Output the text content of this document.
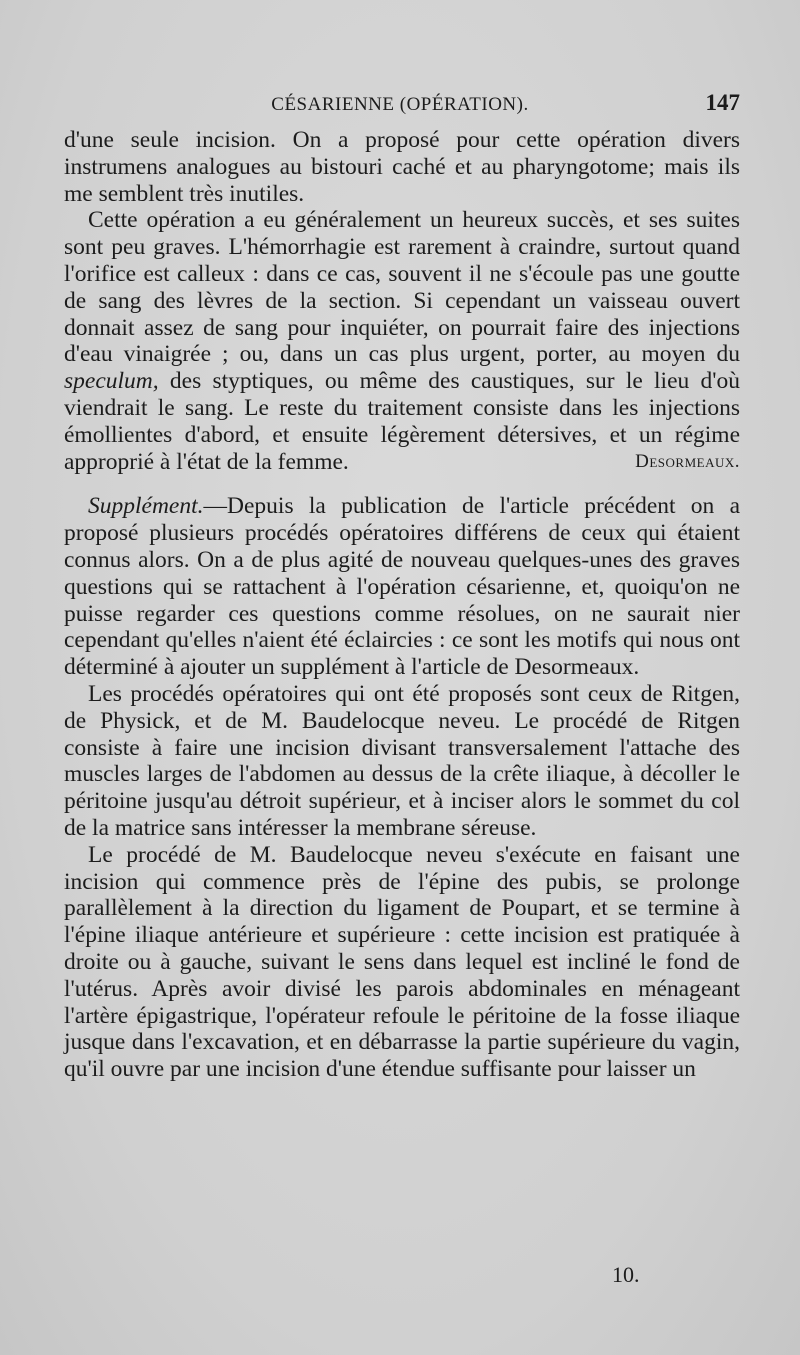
CÉSARIENNE (OPÉRATION).	147

d'une seule incision. On a proposé pour cette opération divers instrumens analogues au bistouri caché et au pharyngotome; mais ils me semblent très inutiles.

Cette opération a eu généralement un heureux succès, et ses suites sont peu graves. L'hémorrhagie est rarement à craindre, surtout quand l'orifice est calleux : dans ce cas, souvent il ne s'écoule pas une goutte de sang des lèvres de la section. Si cependant un vaisseau ouvert donnait assez de sang pour inquiéter, on pourrait faire des injections d'eau vinaigrée ; ou, dans un cas plus urgent, porter, au moyen du speculum, des styptiques, ou même des caustiques, sur le lieu d'où viendrait le sang. Le reste du traitement consiste dans les injections émollientes d'abord, et ensuite légèrement détersives, et un régime approprié à l'état de la femme.	Desormeaux.

Supplément.—Depuis la publication de l'article précédent on a proposé plusieurs procédés opératoires différens de ceux qui étaient connus alors. On a de plus agité de nouveau quelques-unes des graves questions qui se rattachent à l'opération césarienne, et, quoiqu'on ne puisse regarder ces questions comme résolues, on ne saurait nier cependant qu'elles n'aient été éclaircies : ce sont les motifs qui nous ont déterminé à ajouter un supplément à l'article de Desormeaux.

Les procédés opératoires qui ont été proposés sont ceux de Ritgen, de Physick, et de M. Baudelocque neveu. Le procédé de Ritgen consiste à faire une incision divisant transversalement l'attache des muscles larges de l'abdomen au dessus de la crête iliaque, à décoller le péritoine jusqu'au détroit supérieur, et à inciser alors le sommet du col de la matrice sans intéresser la membrane séreuse.

Le procédé de M. Baudelocque neveu s'exécute en faisant une incision qui commence près de l'épine des pubis, se prolonge parallèlement à la direction du ligament de Poupart, et se termine à l'épine iliaque antérieure et supérieure : cette incision est pratiquée à droite ou à gauche, suivant le sens dans lequel est incliné le fond de l'utérus. Après avoir divisé les parois abdominales en ménageant l'artère épigastrique, l'opérateur refoule le péritoine de la fosse iliaque jusque dans l'excavation, et en débarrasse la partie supérieure du vagin, qu'il ouvre par une incision d'une étendue suffisante pour laisser un

10.
